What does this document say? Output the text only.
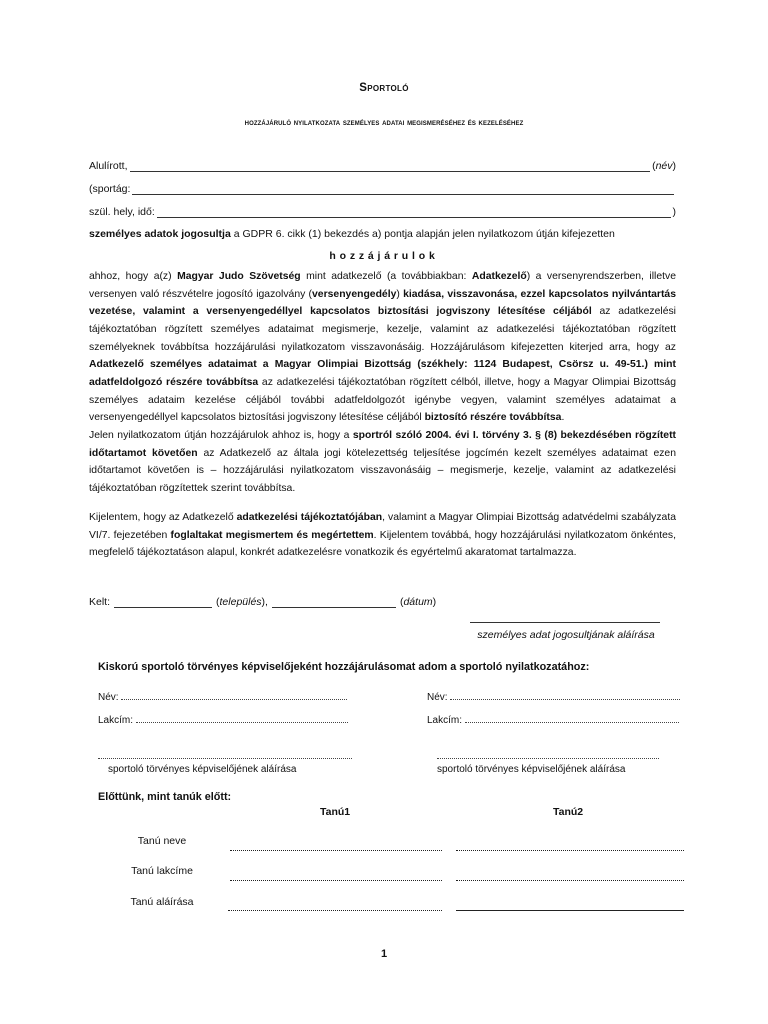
Sportoló
hozzájáruló nyilatkozata személyes adatai megismeréséhez és kezeléséhez
Alulírott,	( név )
(sportág:
szül. hely, idő:	)
személyes adatok jogosultja a GDPR 6. cikk (1) bekezdés a) pontja alapján jelen nyilatkozom útján kifejezetten
hozzájárulok
ahhoz, hogy a(z) Magyar Judo Szövetség mint adatkezelő (a továbbiakban: Adatkezelő) a versenyrendszerben, illetve versenyen való részvételre jogosító igazolvány (versenyengedély) kiadása, visszavonása, ezzel kapcsolatos nyilvántartás vezetése, valamint a versenyengedéllyel kapcsolatos biztosítási jogviszony létesítése céljából az adatkezelési tájékoztatóban rögzített személyes adataimat megismerje, kezelje, valamint az adatkezelési tájékoztatóban rögzített személyeknek továbbítsa hozzájárulási nyilatkozatom visszavonásáig. Hozzájárulásom kifejezetten kiterjed arra, hogy az Adatkezelő személyes adataimat a Magyar Olimpiai Bizottság (székhely: 1124 Budapest, Csörsz u. 49-51.) mint adatfeldolgozó részére továbbítsa az adatkezelési tájékoztatóban rögzített célból, illetve, hogy a Magyar Olimpiai Bizottság személyes adataim kezelése céljából további adatfeldolgozót igénybe vegyen, valamint személyes adataimat a versenyengedéllyel kapcsolatos biztosítási jogviszony létesítése céljából biztosító részére továbbítsa.
Jelen nyilatkozatom útján hozzájárulok ahhoz is, hogy a sportról szóló 2004. évi I. törvény 3. § (8) bekezdésében rögzített időtartamot követően az Adatkezelő az általa jogi kötelezettség teljesítése jogcímén kezelt személyes adataimat ezen időtartamot követően is – hozzájárulási nyilatkozatom visszavonásáig – megismerje, kezelje, valamint az adatkezelési tájékoztatóban rögzítettek szerint továbbítsa.
Kijelentem, hogy az Adatkezelő adatkezelési tájékoztatójában, valamint a Magyar Olimpiai Bizottság adatvédelmi szabályzata VI/7. fejezetében foglaltakat megismertem és megértettem. Kijelentem továbbá, hogy hozzájárulási nyilatkozatom önkéntes, megfelelő tájékoztatáson alapul, konkrét adatkezelésre vonatkozik és egyértelmű akaratomat tartalmazza.
Kelt:	( település ),	( dátum )
személyes adat jogosultjának aláírása
Kiskorú sportoló törvényes képviselőjeként hozzájárulásomat adom a sportoló nyilatkozatához:
Név:	Név:
Lakcím:	Lakcím:
sportoló törvényes képviselőjének aláírása	sportoló törvényes képviselőjének aláírása
Előttünk, mint tanúk előtt:
Tanú1	Tanú2
Tanú neve
Tanú lakcíme
Tanú aláírása
1
